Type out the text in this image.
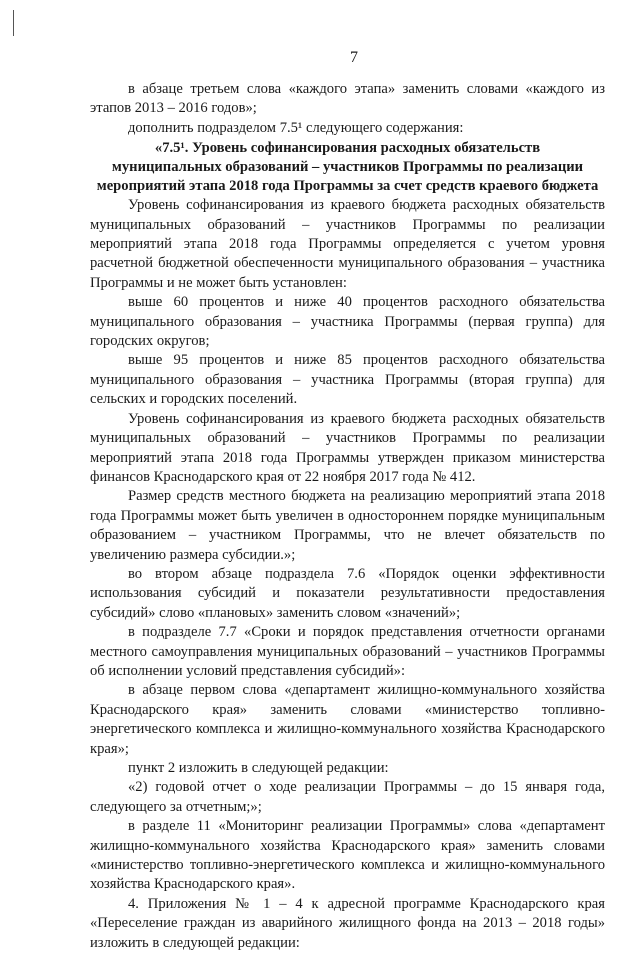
7

в абзаце третьем слова «каждого этапа» заменить словами «каждого из этапов 2013 – 2016 годов»;

дополнить подразделом 7.5¹ следующего содержания:

«7.5¹. Уровень софинансирования расходных обязательств

муниципальных образований – участников Программы по реализации

мероприятий этапа 2018 года Программы за счет средств краевого бюджета

Уровень софинансирования из краевого бюджета расходных обязательств муниципальных образований – участников Программы по реализации мероприятий этапа 2018 года Программы определяется с учетом уровня расчетной бюджетной обеспеченности муниципального образования – участника Программы и не может быть установлен:

выше 60 процентов и ниже 40 процентов расходного обязательства муниципального образования – участника Программы (первая группа) для городских округов;

выше 95 процентов и ниже 85 процентов расходного обязательства муниципального образования – участника Программы (вторая группа) для сельских и городских поселений.

Уровень софинансирования из краевого бюджета расходных обязательств муниципальных образований – участников Программы по реализации мероприятий этапа 2018 года Программы утвержден приказом министерства финансов Краснодарского края от 22 ноября 2017 года № 412.

Размер средств местного бюджета на реализацию мероприятий этапа 2018 года Программы может быть увеличен в одностороннем порядке муниципальным образованием – участником Программы, что не влечет обязательств по увеличению размера субсидии.»;

во втором абзаце подраздела 7.6 «Порядок оценки эффективности использования субсидий и показатели результативности предоставления субсидий» слово «плановых» заменить словом «значений»;

в подразделе 7.7 «Сроки и порядок представления отчетности органами местного самоуправления муниципальных образований – участников Программы об исполнении условий представления субсидий»:

в абзаце первом слова «департамент жилищно-коммунального хозяйства Краснодарского края» заменить словами «министерство топливно-энергетического комплекса и жилищно-коммунального хозяйства Краснодарского края»;

пункт 2 изложить в следующей редакции:

«2) годовой отчет о ходе реализации Программы – до 15 января года, следующего за отчетным;»;

в разделе 11 «Мониторинг реализации Программы» слова «департамент жилищно-коммунального хозяйства Краснодарского края» заменить словами «министерство топливно-энергетического комплекса и жилищно-коммунального хозяйства Краснодарского края».

4. Приложения № 1 – 4 к адресной программе Краснодарского края «Переселение граждан из аварийного жилищного фонда на 2013 – 2018 годы» изложить в следующей редакции:
